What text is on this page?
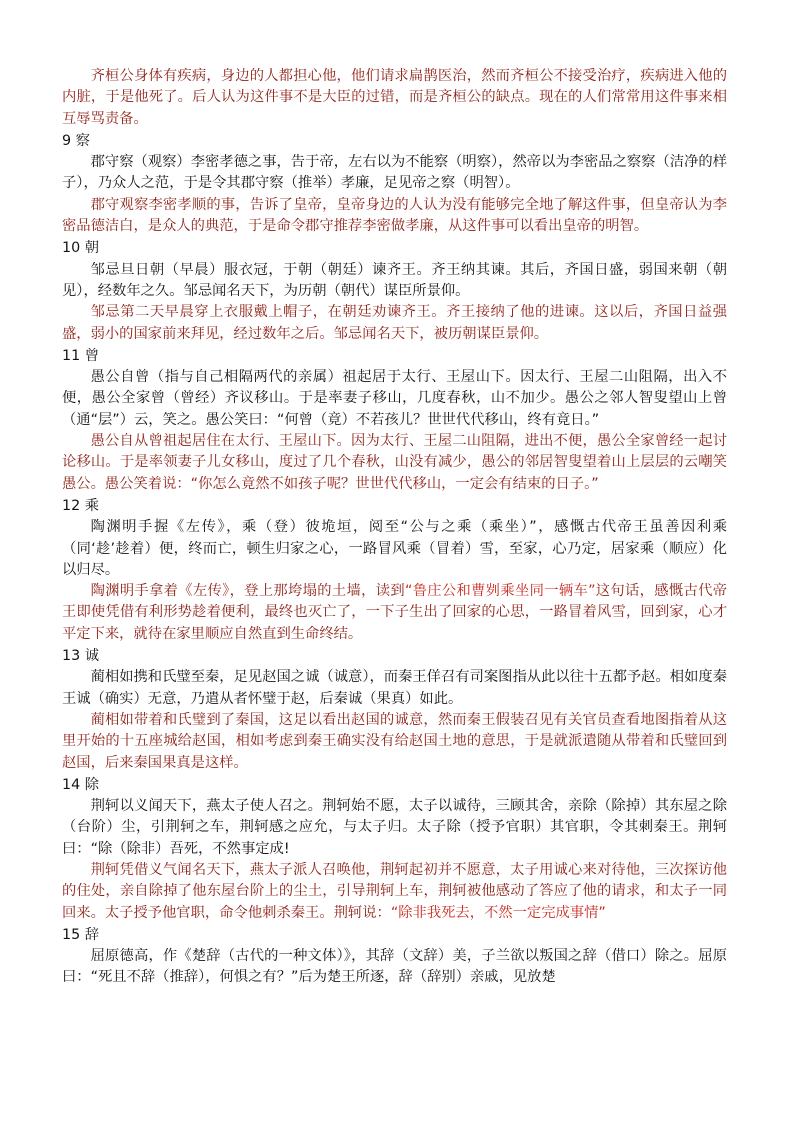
齐桓公身体有疾病，身边的人都担心他，他们请求扁鹊医治，然而齐桓公不接受治疗，疾病进入他的内脏，于是他死了。后人认为这件事不是大臣的过错，而是齐桓公的缺点。现在的人们常常用这件事来相互辱骂责备。

9 察

郡守察（观察）李密孝德之事，告于帝，左右以为不能察（明察），然帝以为李密品之察察（洁净的样子），乃众人之范，于是令其郡守察（推举）孝廉，足见帝之察（明智）。

郡守观察李密孝顺的事，告诉了皇帝，皇帝身边的人认为没有能够完全地了解这件事，但皇帝认为李密品德洁白，是众人的典范，于是命令郡守推荐李密做孝廉，从这件事可以看出皇帝的明智。

10 朝

邹忌旦日朝（早晨）服衣冠，于朝（朝廷）谏齐王。齐王纳其谏。其后，齐国日盛，弱国来朝（朝见），经数年之久。邹忌闻名天下，为历朝（朝代）谋臣所景仰。

邹忌第二天早晨穿上衣服戴上帽子，在朝廷劝谏齐王。齐王接纳了他的进谏。这以后，齐国日益强盛，弱小的国家前来拜见，经过数年之后。邹忌闻名天下，被历朝谋臣景仰。

11 曾

愚公自曾（指与自己相隔两代的亲属）祖起居于太行、王屋山下。因太行、王屋二山阻隔，出入不便，愚公全家曾（曾经）齐议移山。于是率妻子移山，几度春秋，山不加少。愚公之邻人智叟望山上曾（通“层”）云，笑之。愚公笑曰：“何曾（竟）不若孩儿？世世代代移山，终有竟日。”

愚公自从曾祖起居住在太行、王屋山下。因为太行、王屋二山阻隔，进出不便，愚公全家曾经一起讨论移山。于是率领妻子儿女移山，度过了几个春秋，山没有减少，愚公的邻居智叟望着山上层层的云嘲笑愚公。愚公笑着说：“你怎么竟然不如孩子呢？世世代代移山，一定会有结束的日子。”

12 乘

陶渊明手握《左传》，乘（登）彼垝垣，阅至“公与之乘（乘坐）”，感慨古代帝王虽善因利乘（同‘趁’趁着）便，终而亡，顿生归家之心，一路冒风乘（冒着）雪，至家，心乃定，居家乘（顺应）化以归尽。

陶渊明手拿着《左传》，登上那垮塌的土墙，读到“鲁庄公和曹刿乘坐同一辆车”这句话，感慨古代帝王即使凭借有利形势趁着便利，最终也灭亡了，一下子生出了回家的心思，一路冒着风雪，回到家，心才平定下来，就待在家里顺应自然直到生命终结。

13 诚

蔺相如携和氏璧至秦，足见赵国之诚（诚意），而秦王佯召有司案图指从此以往十五都予赵。相如度秦王诚（确实）无意，乃遣从者怀璧于赵，后秦诚（果真）如此。

蔺相如带着和氏璧到了秦国，这足以看出赵国的诚意，然而秦王假装召见有关官员查看地图指着从这里开始的十五座城给赵国，相如考虑到秦王确实没有给赵国土地的意思，于是就派遣随从带着和氏璧回到赵国，后来秦国果真是这样。

14 除

荆轲以义闻天下，燕太子使人召之。荆轲始不愿，太子以诚待，三顾其舍，亲除（除掉）其东屋之除（台阶）尘，引荆轲之车，荆轲感之应允，与太子归。太子除（授予官职）其官职，令其刺秦王。荆轲曰：“除（除非）吾死，不然事定成!

荆轲凭借义气闻名天下，燕太子派人召唤他，荆轲起初并不愿意，太子用诚心来对待他，三次探访他的住处，亲自除掉了他东屋台阶上的尘土，引导荆轲上车，荆轲被他感动了答应了他的请求，和太子一同回来。太子授予他官职，命令他刺杀秦王。荆轲说：“除非我死去，不然一定完成事情”

15 辞

屈原德高，作《楚辞（古代的一种文体）》，其辞（文辞）美，子兰欲以叛国之辞（借口）除之。屈原曰：“死且不辞（推辞），何惧之有？”后为楚王所逐，辞（辞别）亲戚，见放楚
